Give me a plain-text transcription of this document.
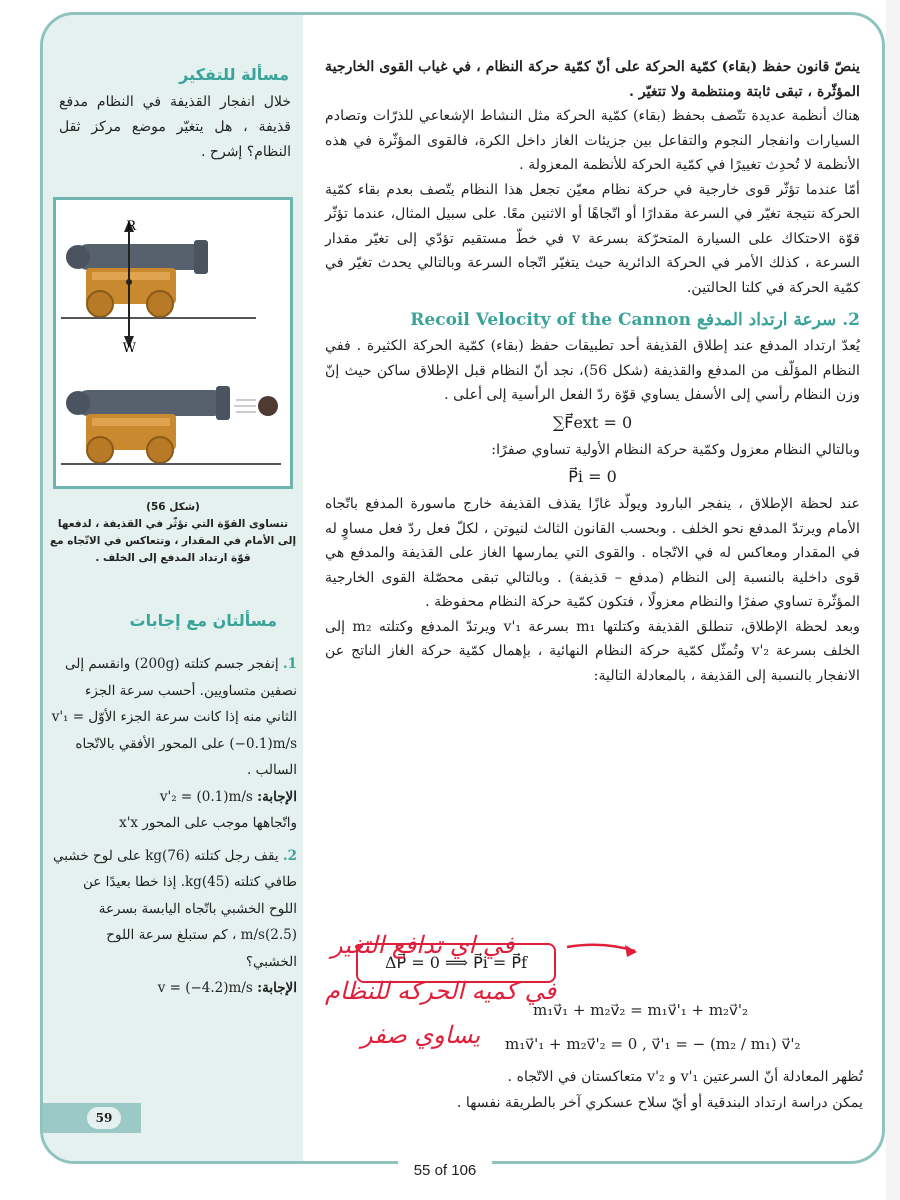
مسألة للتفكير
خلال انفجار القذيفة في النظام مدفع قذيفة ، هل يتغيّر موضع مركز ثقل النظام؟ إشرح .
R
W
(شكل 56)
تتساوى القوّة التي تؤثّر في القذيفة ، لدفعها إلى الأمام في المقدار ، وتتعاكس في الاتّجاه مع قوّة ارتداد المدفع إلى الخلف .
مسألتان مع إجابات

1. إنفجر جسم كتلته (200g) وانقسم إلى نصفين متساويين. أحسب سرعة الجزء الثاني منه إذا كانت سرعة الجزء الأوّل v'₁ = (−0.1)m/s على المحور الأفقي بالاتّجاه السالب .

الإجابة: v'₂ = (0.1)m/s

واتّجاهها موجب على المحور x'x

2. يقف رجل كتلته (76)kg على لوح خشبي طافي كتلته (45)kg. إذا خطا بعيدًا عن اللوح الخشبي باتّجاه اليابسة بسرعة (2.5)m/s ، كم ستبلغ سرعة اللوح الخشبي؟

الإجابة: v = (−4.2)m/s

59
ينصّ قانون حفظ (بقاء) كمّية الحركة على أنّ كمّية حركة النظام ، في غياب القوى الخارجية المؤثّرة ، تبقى ثابتة ومنتظمة ولا تتغيّر .
هناك أنظمة عديدة تتّصف بحفظ (بقاء) كمّية الحركة مثل النشاط الإشعاعي للذرّات وتصادم السيارات وانفجار النجوم والتفاعل بين جزيئات الغاز داخل الكرة، فالقوى المؤثّرة في هذه الأنظمة لا تُحدِث تغييرًا في كمّية الحركة للأنظمة المعزولة .
أمّا عندما تؤثّر قوى خارجية في حركة نظام معيّن تجعل هذا النظام يتّصف بعدم بقاء كمّية الحركة نتيجة تغيّر في السرعة مقدارًا أو اتّجاهًا أو الاثنين معًا. على سبيل المثال، عندما تؤثّر قوّة الاحتكاك على السيارة المتحرّكة بسرعة v في خطّ مستقيم تؤدّي إلى تغيّر مقدار السرعة ، كذلك الأمر في الحركة الدائرية حيث يتغيّر اتّجاه السرعة وبالتالي يحدث تغيّر في كمّية الحركة في كلتا الحالتين.
2. سرعة ارتداد المدفع Recoil Velocity of the Cannon
يُعدّ ارتداد المدفع عند إطلاق القذيفة أحد تطبيقات حفظ (بقاء) كمّية الحركة الكثيرة . ففي النظام المؤلّف من المدفع والقذيفة (شكل 56)، نجد أنّ النظام قبل الإطلاق ساكن حيث إنّ وزن النظام رأسي إلى الأسفل يساوي قوّة ردّ الفعل الرأسية إلى أعلى .
∑F⃗ext = 0
وبالتالي النظام معزول وكمّية حركة النظام الأولية تساوي صفرًا:
P⃗i = 0
عند لحظة الإطلاق ، ينفجر البارود ويولّد غازًا يقذف القذيفة خارج ماسورة المدفع باتّجاه الأمام ويرتدّ المدفع نحو الخلف . وبحسب القانون الثالث لنيوتن ، لكلّ فعل ردّ فعل مساوٍ له في المقدار ومعاكس له في الاتّجاه . والقوى التي يمارسها الغاز على القذيفة والمدفع هي قوى داخلية بالنسبة إلى النظام (مدفع – قذيفة) . وبالتالي تبقى محصّلة القوى الخارجية المؤثّرة تساوي صفرًا والنظام معزولًا ، فتكون كمّية حركة النظام محفوظة .
وبعد لحظة الإطلاق، تنطلق القذيفة وكتلتها m₁ بسرعة v'₁ ويرتدّ المدفع وكتلته m₂ إلى الخلف بسرعة v'₂ وتُمثّل كمّية حركة النظام النهائية ، بإهمال كمّية حركة الغاز الناتج عن الانفجار بالنسبة إلى القذيفة ، بالمعادلة التالية:
ΔP⃗ = 0 ⟹ P⃗i = P⃗f
m₁v⃗₁ + m₂v⃗₂ = m₁v⃗'₁ + m₂v⃗'₂
m₁v⃗'₁ + m₂v⃗'₂ = 0 , v⃗'₁ = − (m₂ / m₁) v⃗'₂
تُظهر المعادلة أنّ السرعتين v'₁ و v'₂ متعاكستان في الاتّجاه .
يمكن دراسة ارتداد البندقية أو أيّ سلاح عسكري آخر بالطريقة نفسها .
في اي تدافع التغير
في كميه الحركه للنظام
يساوي صفر
55 of 106
